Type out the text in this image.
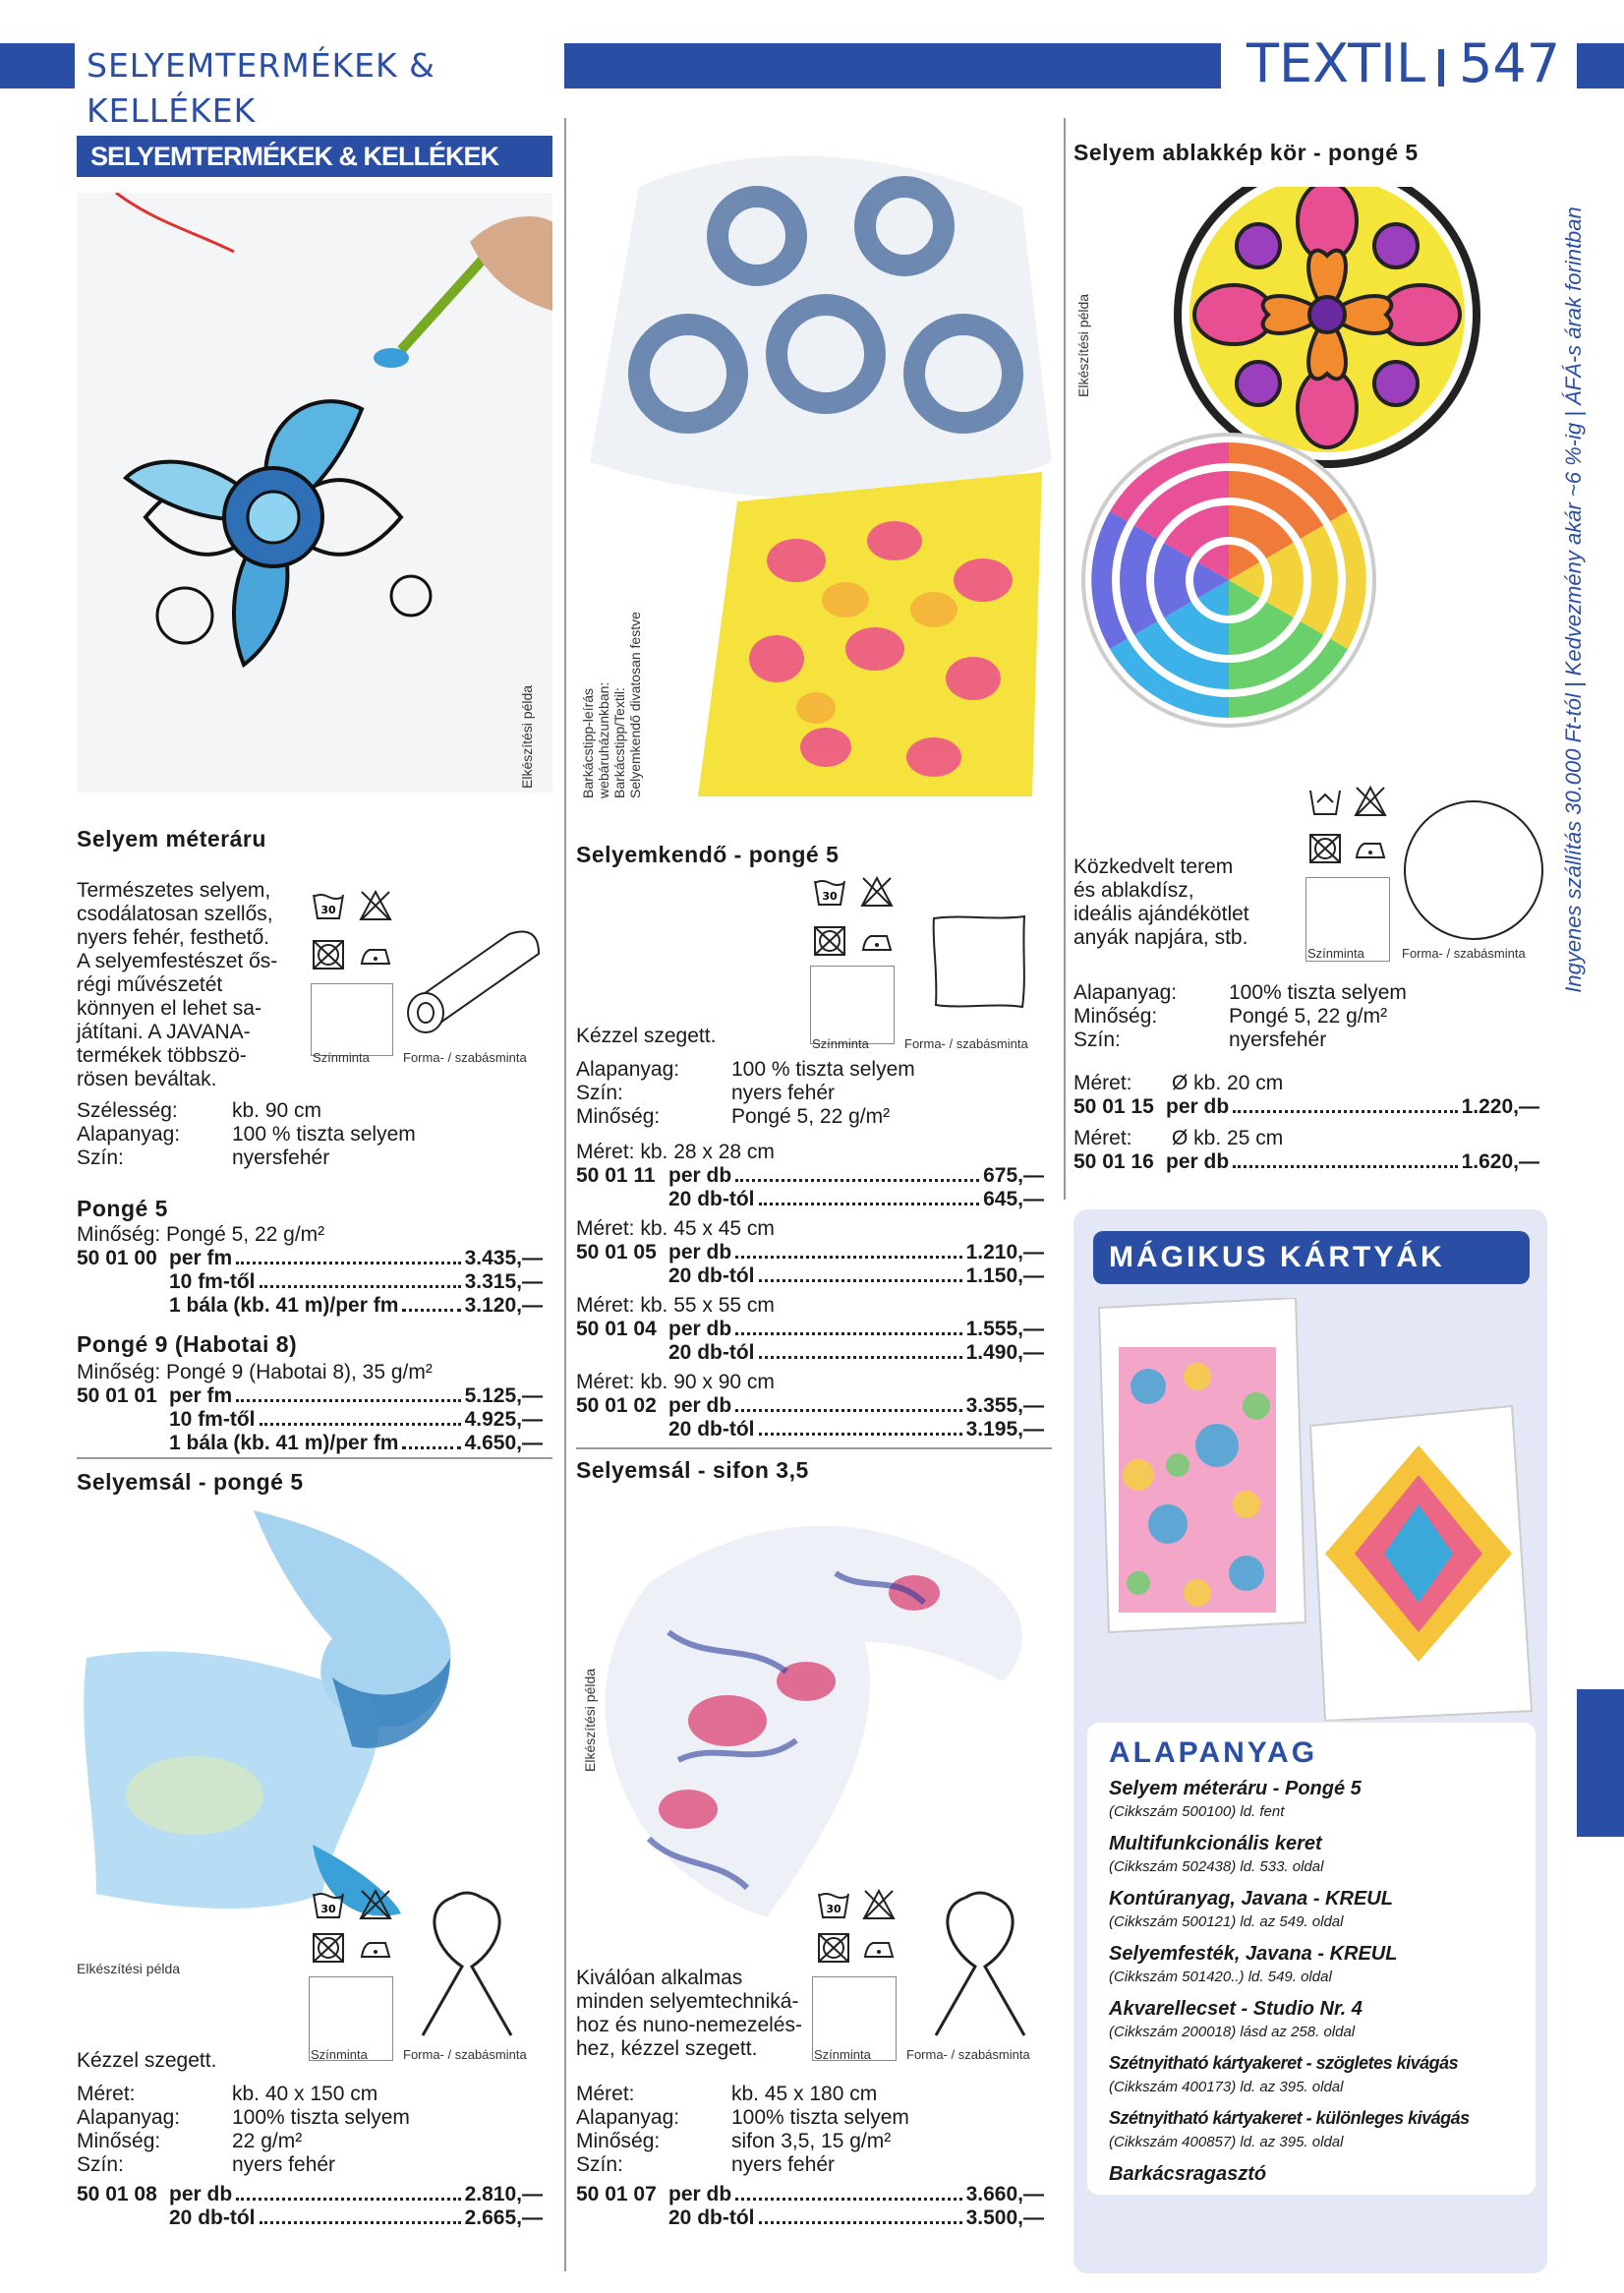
SELYEMTERMÉKEK & KELLÉKEK
TEXTIL 547
Ingyenes szállítás 30.000 Ft-tól | Kedvezmény akár ~6 %-ig | ÁFÁ-s árak forintban
SELYEMTERMÉKEK & KELLÉKEK
Elkészítési példa
Selyem méteráru
Természetes selyem,
csodálatosan szellős,
nyers fehér, festhető.
A selyemfestészet ős-
régi művészetét
könnyen el lehet sa-
játítani. A JAVANA-
termékek többszö-
rösen beváltak.
30
Színminta	Forma- / szabásminta
Szélesség:	kb. 90 cm
Alapanyag:	100 % tiszta selyem
Szín:	nyersfehér
Pongé 5
Minőség: Pongé 5, 22 g/m²
50 01 00 per fm	3.435,—
10 fm-től	3.315,—
1 bála (kb. 41 m)/per fm	3.120,—
Pongé 9 (Habotai 8)
Minőség: Pongé 9 (Habotai 8), 35 g/m²
50 01 01 per fm	5.125,—
10 fm-től	4.925,—
1 bála (kb. 41 m)/per fm	4.650,—
Selyemsál - pongé 5
Elkészítési példa
30
Színminta	Forma- / szabásminta
Kézzel szegett.
Méret:	kb. 40 x 150 cm
Alapanyag:	100% tiszta selyem
Minőség:	22 g/m²
Szín:	nyers fehér
50 01 08 per db	2.810,—
20 db-tól	2.665,—
Barkácstipp-leírás webáruházunkban: Barkácstipp/Textil: Selyemkendő divatosan festve
Selyemkendő - pongé 5
30
Színminta	Forma- / szabásminta
Kézzel szegett.
Alapanyag:	100 % tiszta selyem
Szín:	nyers fehér
Minőség:	Pongé 5, 22 g/m²
Méret: kb. 28 x 28 cm
50 01 11 per db	675,—
20 db-tól	645,—
Méret: kb. 45 x 45 cm
50 01 05 per db	1.210,—
20 db-tól	1.150,—
Méret: kb. 55 x 55 cm
50 01 04 per db	1.555,—
20 db-tól	1.490,—
Méret: kb. 90 x 90 cm
50 01 02 per db	3.355,—
20 db-tól	3.195,—
Selyemsál - sifon 3,5
Elkészítési példa
30
Színminta	Forma- / szabásminta
Kiválóan alkalmas
minden selyemtechniká-
hoz és nuno-nemezelés-
hez, kézzel szegett.
Méret:	kb. 45 x 180 cm
Alapanyag:	100% tiszta selyem
Minőség:	sifon 3,5, 15 g/m²
Szín:	nyers fehér
50 01 07 per db	3.660,—
20 db-tól	3.500,—
Selyem ablakkép kör - pongé 5
Elkészítési példa
Színminta	Forma- / szabásminta
Közkedvelt terem
és ablakdísz,
ideális ajándékötlet
anyák napjára, stb.
Alapanyag:	100% tiszta selyem
Minőség:	Pongé 5, 22 g/m²
Szín:	nyersfehér
Méret: Ø kb. 20 cm
50 01 15 per db	1.220,—
Méret: Ø kb. 25 cm
50 01 16 per db	1.620,—
MÁGIKUS KÁRTYÁK
ALAPANYAG
Selyem méteráru - Pongé 5
(Cikkszám 500100) ld. fent
Multifunkcionális keret
(Cikkszám 502438) ld. 533. oldal
Kontúranyag, Javana - KREUL
(Cikkszám 500121) ld. az 549. oldal
Selyemfesték, Javana - KREUL
(Cikkszám 501420..) ld. 549. oldal
Akvarellecset - Studio Nr. 4
(Cikkszám 200018) lásd az 258. oldal
Szétnyitható kártyakeret - szögletes kivágás
(Cikkszám 400173) ld. az 395. oldal
Szétnyitható kártyakeret - különleges kivágás
(Cikkszám 400857) ld. az 395. oldal
Barkácsragasztó
